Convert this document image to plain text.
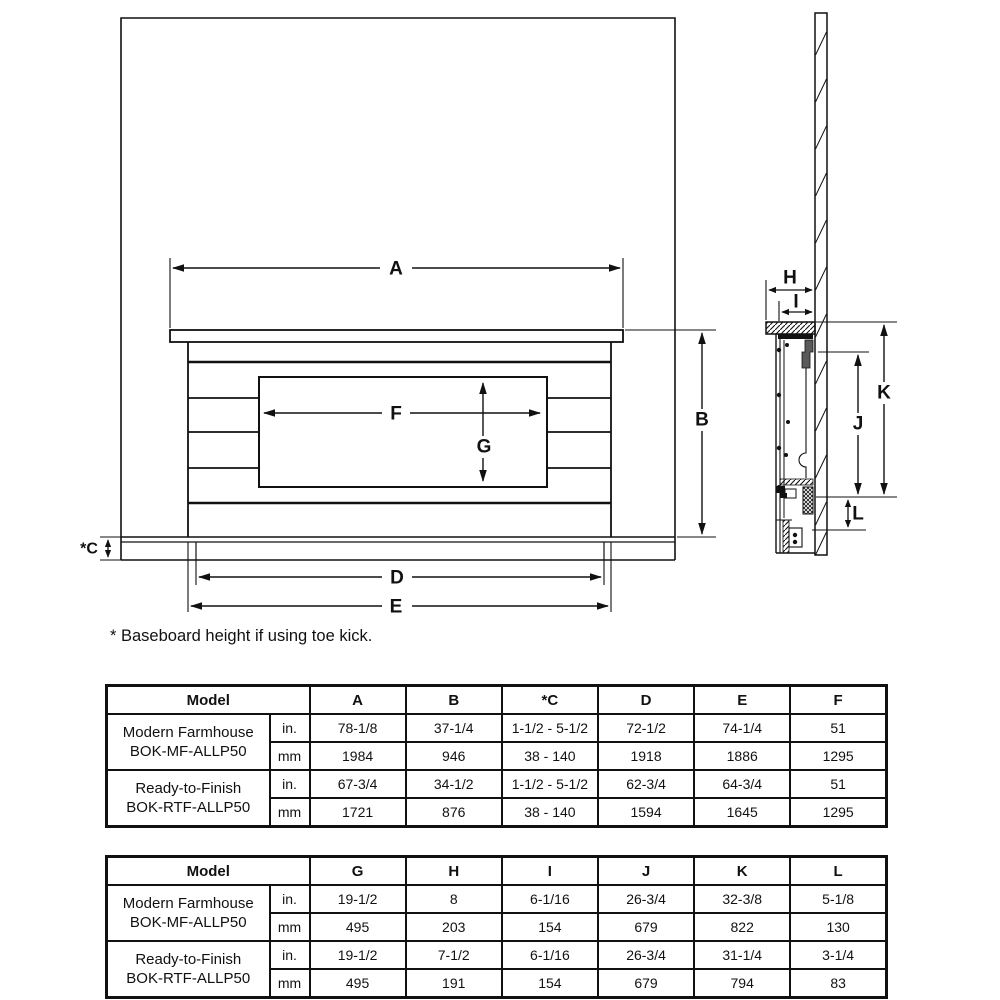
A
B
*C
D
E
F
G
H
I
K
J
L

* Baseboard height if using toe kick.

Model		A	B	*C	D	E	F

Modern Farmhouse
BOK-MF-ALLP50	in.	78-1/8	37-1/4	1-1/2 - 5-1/2	72-1/2	74-1/4	51
	mm	1984	946	38 - 140	1918	1886	1295

Ready-to-Finish
BOK-RTF-ALLP50	in.	67-3/4	34-1/2	1-1/2 - 5-1/2	62-3/4	64-3/4	51
	mm	1721	876	38 - 140	1594	1645	1295
Model		G	H	I	J	K	L

Modern Farmhouse
BOK-MF-ALLP50	in.	19-1/2	8	6-1/16	26-3/4	32-3/8	5-1/8
	mm	495	203	154	679	822	130

Ready-to-Finish
BOK-RTF-ALLP50	in.	19-1/2	7-1/2	6-1/16	26-3/4	31-1/4	3-1/4
	mm	495	191	154	679	794	83
